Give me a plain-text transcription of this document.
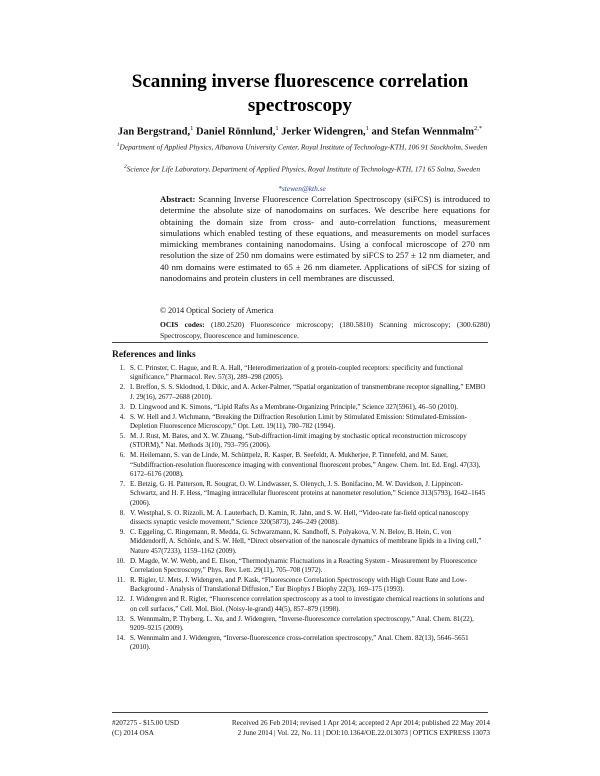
Scanning inverse fluorescence correlation spectroscopy
Jan Bergstrand,$^1$ Daniel Rönnlund,$^1$ Jerker Widengren,$^1$ and Stefan Wennmalm$^{2,*}$
$^1$Department of Applied Physics, Albanova University Center, Royal Institute of Technology-KTH, 106 91 Stockholm, Sweden
$^2$Science for Life Laboratory, Department of Applied Physics, Royal Institute of Technology-KTH, 171 65 Solna, Sweden
*stewen@kth.se
Abstract: Scanning Inverse Fluorescence Correlation Spectroscopy (siFCS) is introduced to determine the absolute size of nanodomains on surfaces. We describe here equations for obtaining the domain size from cross- and auto-correlation functions, measurement simulations which enabled testing of these equations, and measurements on model surfaces mimicking membranes containing nanodomains. Using a confocal microscope of 270 nm resolution the size of 250 nm domains were estimated by siFCS to 257 ± 12 nm diameter, and 40 nm domains were estimated to 65 ± 26 nm diameter. Applications of siFCS for sizing of nanodomains and protein clusters in cell membranes are discussed.
© 2014 Optical Society of America
OCIS codes: (180.2520) Fluorescence microscopy; (180.5810) Scanning microscopy; (300.6280) Spectroscopy, fluorescence and luminescence.
References and links
1. S. C. Prinster, C. Hague, and R. A. Hall, “Heterodimerization of g protein-coupled receptors: specificity and functional significance,” Pharmacol. Rev. 57(3), 289–298 (2005).
2. I. Breffon, S. S. Sklodnod, I. Dikic, and A. Acker-Palmer, “Spatial organization of transmembrane receptor signalling,” EMBO J. 29(16), 2677–2688 (2010).
3. D. Lingwood and K. Simons, “Lipid Rafts As a Membrane-Organizing Principle,” Science 327(5961), 46–50 (2010).
4. S. W. Hell and J. Wichmann, “Breaking the Diffraction Resolution Limit by Stimulated Emission: Stimulated-Emission-Depletion Fluorescence Microscopy,” Opt. Lett. 19(11), 780–782 (1994).
5. M. J. Rust, M. Bates, and X. W. Zhuang, “Sub-diffraction-limit imaging by stochastic optical reconstruction microscopy (STORM),” Nat. Methods 3(10), 793–795 (2006).
6. M. Heilemann, S. van de Linde, M. Schüttpelz, R. Kasper, B. Seefeldt, A. Mukherjee, P. Tinnefeld, and M. Sauer, “Subdiffraction-resolution fluorescence imaging with conventional fluorescent probes,” Angew. Chem. Int. Ed. Engl. 47(33), 6172–6176 (2008).
7. E. Betzig, G. H. Patterson, R. Sougrat, O. W. Lindwasser, S. Olenych, J. S. Bonifacino, M. W. Davidson, J. Lippincott-Schwartz, and H. F. Hess, “Imaging intracellular fluorescent proteins at nanometer resolution,” Science 313(5793), 1642–1645 (2006).
8. V. Westphal, S. O. Rizzoli, M. A. Lauterbach, D. Kamin, R. Jahn, and S. W. Hell, “Video-rate far-field optical nanoscopy dissects synaptic vesicle movement,” Science 320(5873), 246–249 (2008).
9. C. Eggeling, C. Ringemann, R. Medda, G. Schwarzmann, K. Sandhoff, S. Polyakova, V. N. Belov, B. Hein, C. von Middendorff, A. Schönle, and S. W. Hell, “Direct observation of the nanoscale dynamics of membrane lipids in a living cell,” Nature 457(7233), 1159–1162 (2009).
10. D. Magde, W. W. Webb, and E. Elson, “Thermodynamic Fluctuations in a Reacting System - Measurement by Fluorescence Correlation Spectroscopy,” Phys. Rev. Lett. 29(11), 705–708 (1972).
11. R. Rigler, U. Mets, J. Widengren, and P. Kask, “Fluorescence Correlation Spectroscopy with High Count Rate and Low-Background - Analysis of Translational Diffusion,” Eur Biophys J Biophy 22(3), 169–175 (1993).
12. J. Widengren and R. Rigler, “Fluorescence correlation spectroscopy as a tool to investigate chemical reactions in solutions and on cell surfaces,” Cell. Mol. Biol. (Noisy-le-grand) 44(5), 857–879 (1998).
13. S. Wennmalm, P. Thyberg, L. Xu, and J. Widengren, “Inverse-fluorescence correlation spectroscopy,” Anal. Chem. 81(22), 9209–9215 (2009).
14. S. Wennmalm and J. Widengren, “Inverse-fluorescence cross-correlation spectroscopy,” Anal. Chem. 82(13), 5646–5651 (2010).
#207275 - $15.00 USD
(C) 2014 OSA
Received 26 Feb 2014; revised 1 Apr 2014; accepted 2 Apr 2014; published 22 May 2014
2 June 2014 | Vol. 22, No. 11 | DOI:10.1364/OE.22.013073 | OPTICS EXPRESS 13073
